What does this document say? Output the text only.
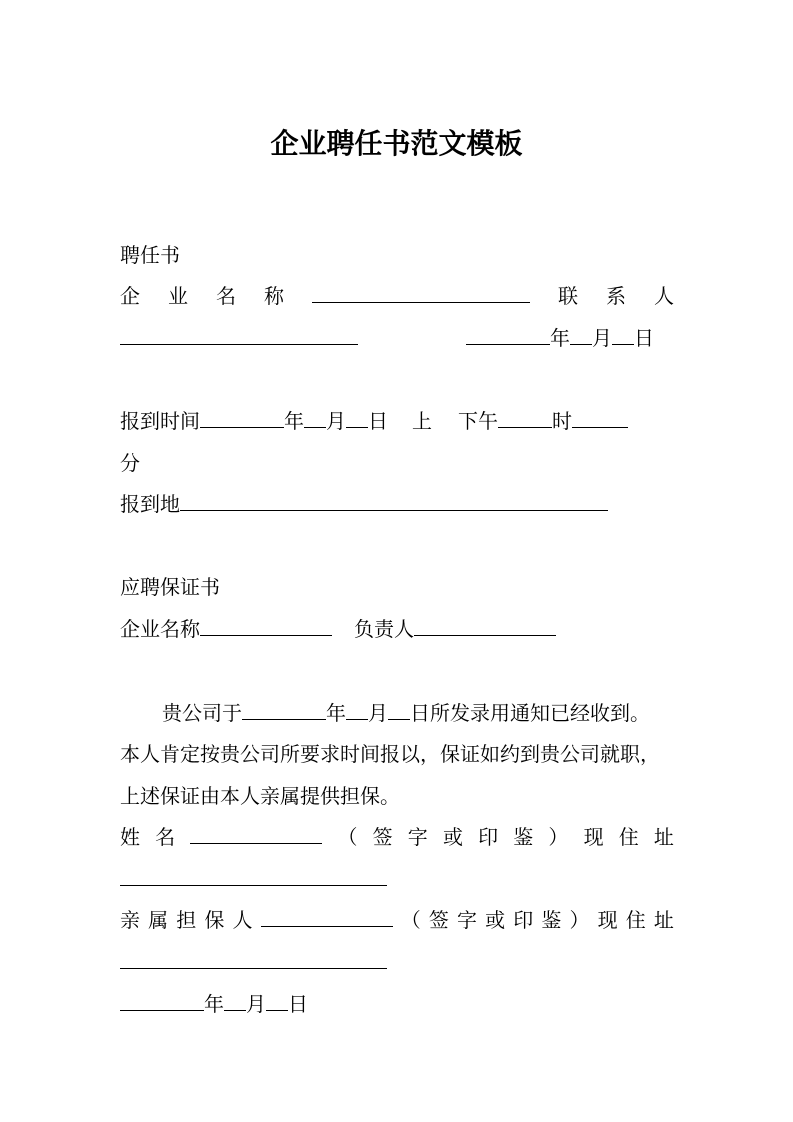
企业聘任书范文模板
聘任书
企 业 名 称	联 系 人
年 月 日
报到时间	年 月 日 上 下午	时
分
报到地
应聘保证书
企业名称	负责人
贵公司于	年 月 日所发录用通知已经收到。
本人肯定按贵公司所要求时间报以，保证如约到贵公司就职，
上述保证由本人亲属提供担保。
姓 名	（ 签 字 或 印 鉴 ） 现 住 址
亲 属 担 保 人	（ 签 字 或 印 鉴 ） 现 住 址
年 月 日
